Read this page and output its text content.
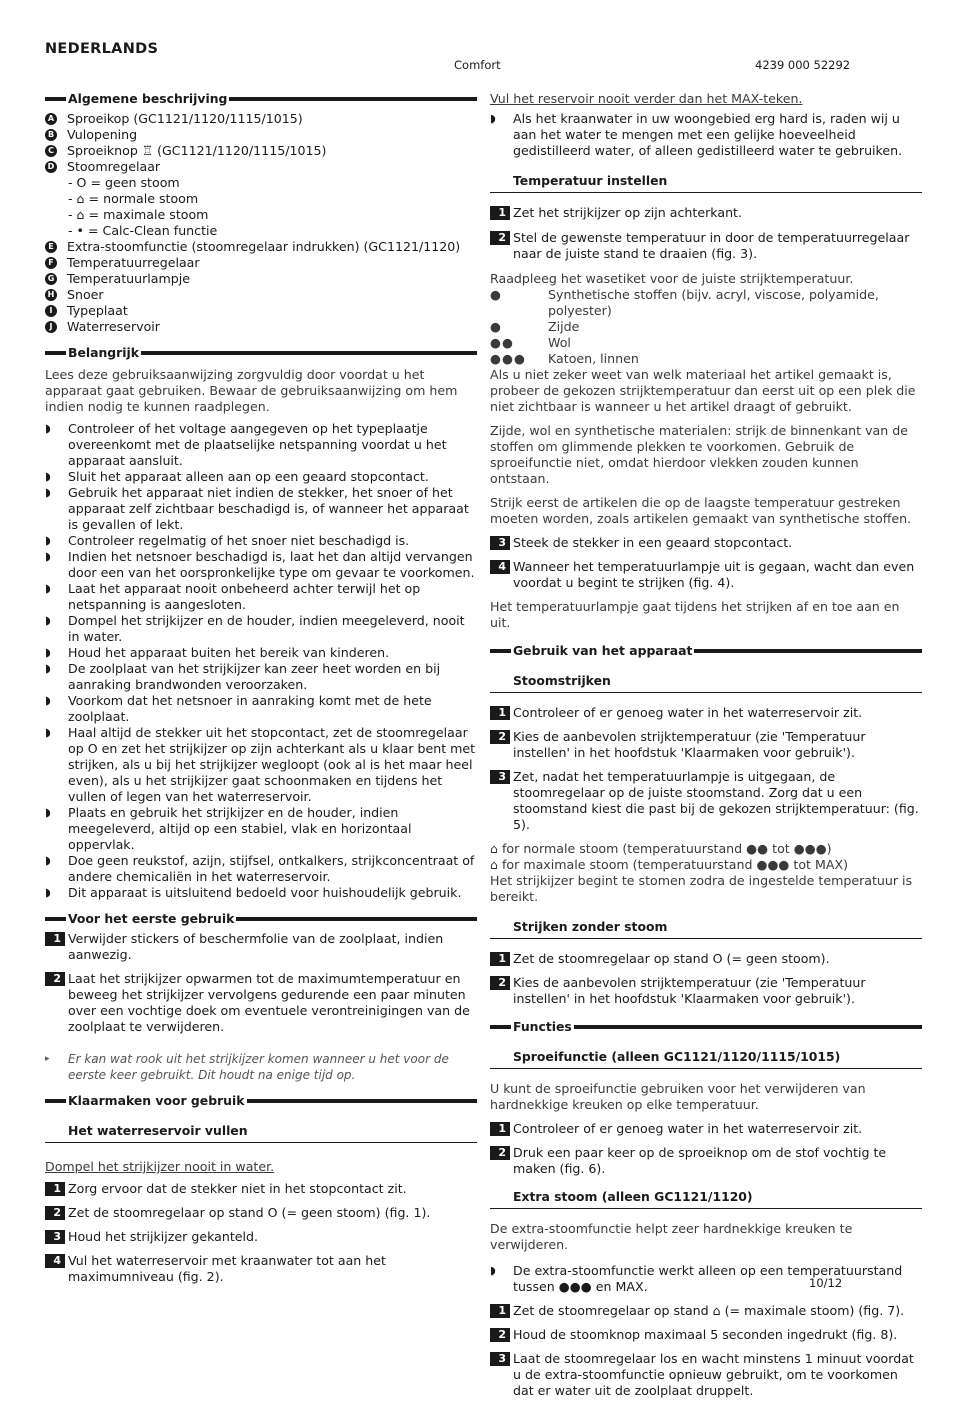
NEDERLANDS
Comfort	4239 000 52292
Algemene beschrijving
A Sproeikop (GC1121/1120/1115/1015)
B Vulopening
C Sproeiknop ♖ (GC1121/1120/1115/1015)
D Stoomregelaar
- O = geen stoom
- ⌂ = normale stoom
- ⌂ = maximale stoom
- • = Calc-Clean functie
E Extra-stoomfunctie (stoomregelaar indrukken) (GC1121/1120)
F Temperatuurregelaar
G Temperatuurlampje
H Snoer
I	Typeplaat
J	Waterreservoir
Belangrijk

Lees deze gebruiksaanwijzing zorgvuldig door voordat u het apparaat gaat gebruiken. Bewaar de gebruiksaanwijzing om hem indien nodig te kunnen raadplegen.

◗	Controleer of het voltage aangegeven op het typeplaatje overeenkomt met de plaatselijke netspanning voordat u het apparaat aansluit.
◗	Sluit het apparaat alleen aan op een geaard stopcontact.
◗	Gebruik het apparaat niet indien de stekker, het snoer of het apparaat zelf zichtbaar beschadigd is, of wanneer het apparaat is gevallen of lekt.
◗	Controleer regelmatig of het snoer niet beschadigd is.
◗	Indien het netsnoer beschadigd is, laat het dan altijd vervangen door een van het oorspronkelijke type om gevaar te voorkomen.
◗	Laat het apparaat nooit onbeheerd achter terwijl het op netspanning is aangesloten.
◗	Dompel het strijkijzer en de houder, indien meegeleverd, nooit in water.
◗	Houd het apparaat buiten het bereik van kinderen.
◗	De zoolplaat van het strijkijzer kan zeer heet worden en bij aanraking brandwonden veroorzaken.
◗	Voorkom dat het netsnoer in aanraking komt met de hete zoolplaat.
◗	Haal altijd de stekker uit het stopcontact, zet de stoomregelaar op O en zet het strijkijzer op zijn achterkant als u klaar bent met strijken, als u bij het strijkijzer wegloopt (ook al is het maar heel even), als u het strijkijzer gaat schoonmaken en tijdens het vullen of legen van het waterreservoir.
◗	Plaats en gebruik het strijkijzer en de houder, indien meegeleverd, altijd op een stabiel, vlak en horizontaal oppervlak.
◗	Doe geen reukstof, azijn, stijfsel, ontkalkers, strijkconcentraat of andere chemicaliën in het waterreservoir.
◗	Dit apparaat is uitsluitend bedoeld voor huishoudelijk gebruik.
Voor het eerste gebruik
1 Verwijder stickers of beschermfolie van de zoolplaat, indien aanwezig.
2 Laat het strijkijzer opwarmen tot de maximumtemperatuur en beweeg het strijkijzer vervolgens gedurende een paar minuten over een vochtige doek om eventuele verontreinigingen van de zoolplaat te verwijderen.
▸	Er kan wat rook uit het strijkijzer komen wanneer u het voor de eerste keer gebruikt. Dit houdt na enige tijd op.
Klaarmaken voor gebruik
Het waterreservoir vullen
Dompel het strijkijzer nooit in water.
1 Zorg ervoor dat de stekker niet in het stopcontact zit.
2 Zet de stoomregelaar op stand O (= geen stoom) (fig. 1).
3 Houd het strijkijzer gekanteld.
4 Vul het waterreservoir met kraanwater tot aan het maximumniveau (fig. 2).
Vul het reservoir nooit verder dan het MAX-teken.
◗	Als het kraanwater in uw woongebied erg hard is, raden wij u aan het water te mengen met een gelijke hoeveelheid gedistilleerd water, of alleen gedistilleerd water te gebruiken.
Temperatuur instellen
1 Zet het strijkijzer op zijn achterkant.
2 Stel de gewenste temperatuur in door de temperatuurregelaar naar de juiste stand te draaien (fig. 3).

Raadpleeg het wasetiket voor de juiste strijktemperatuur.

●	Synthetische stoffen (bijv. acryl, viscose, polyamide, polyester)
●	Zijde
●●	Wol
●●●	Katoen, linnen

Als u niet zeker weet van welk materiaal het artikel gemaakt is, probeer de gekozen strijktemperatuur dan eerst uit op een plek die niet zichtbaar is wanneer u het artikel draagt of gebruikt.

Zijde, wol en synthetische materialen: strijk de binnenkant van de stoffen om glimmende plekken te voorkomen. Gebruik de sproeifunctie niet, omdat hierdoor vlekken zouden kunnen ontstaan.

Strijk eerst de artikelen die op de laagste temperatuur gestreken moeten worden, zoals artikelen gemaakt van synthetische stoffen.

3 Steek de stekker in een geaard stopcontact.
4 Wanneer het temperatuurlampje uit is gegaan, wacht dan even voordat u begint te strijken (fig. 4).

Het temperatuurlampje gaat tijdens het strijken af en toe aan en uit.

Gebruik van het apparaat
Stoomstrijken
1 Controleer of er genoeg water in het waterreservoir zit.
2 Kies de aanbevolen strijktemperatuur (zie 'Temperatuur instellen' in het hoofdstuk 'Klaarmaken voor gebruik').
3 Zet, nadat het temperatuurlampje is uitgegaan, de stoomregelaar op de juiste stoomstand. Zorg dat u een stoomstand kiest die past bij de gekozen strijktemperatuur: (fig. 5).

⌂ for normale stoom (temperatuurstand ●● tot ●●●)

⌂ for maximale stoom (temperatuurstand ●●● tot MAX)

Het strijkijzer begint te stomen zodra de ingestelde temperatuur is bereikt.

Strijken zonder stoom
1 Zet de stoomregelaar op stand O (= geen stoom).
2 Kies de aanbevolen strijktemperatuur (zie 'Temperatuur instellen' in het hoofdstuk 'Klaarmaken voor gebruik').
Functies
Sproeifunctie (alleen GC1121/1120/1115/1015)

U kunt de sproeifunctie gebruiken voor het verwijderen van hardnekkige kreuken op elke temperatuur.

1 Controleer of er genoeg water in het waterreservoir zit.
2 Druk een paar keer op de sproeiknop om de stof vochtig te maken (fig. 6).
Extra stoom (alleen GC1121/1120)

De extra-stoomfunctie helpt zeer hardnekkige kreuken te verwijderen.

◗	De extra-stoomfunctie werkt alleen op een temperatuurstand tussen ●●● en MAX.
1 Zet de stoomregelaar op stand ⌂ (= maximale stoom) (fig. 7).
2 Houd de stoomknop maximaal 5 seconden ingedrukt (fig. 8).
3 Laat de stoomregelaar los en wacht minstens 1 minuut voordat u de extra-stoomfunctie opnieuw gebruikt, om te voorkomen dat er water uit de zoolplaat druppelt.
10/12
